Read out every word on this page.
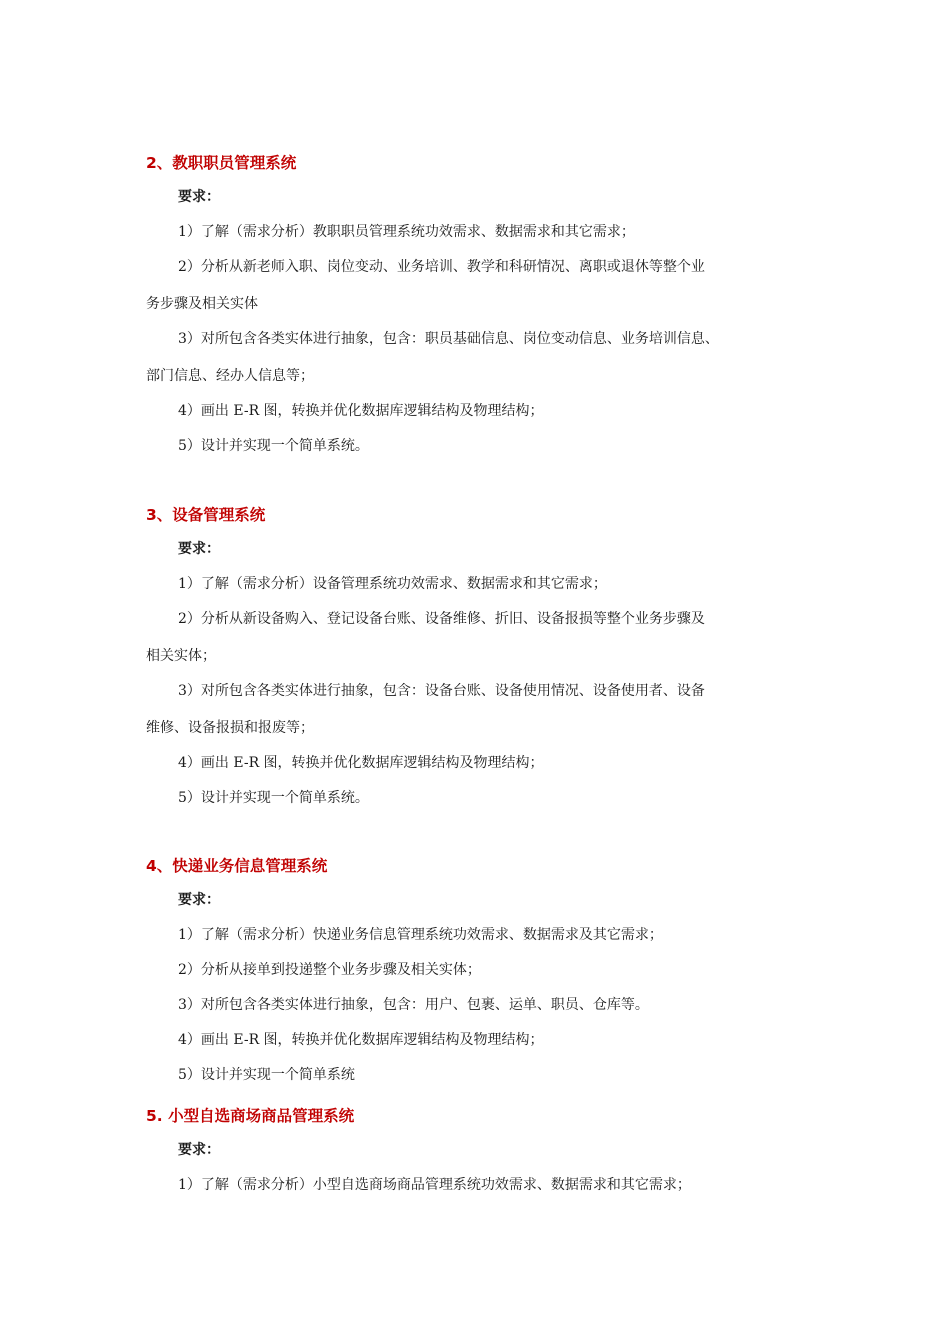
2、教职职员管理系统
要求：
1）了解（需求分析）教职职员管理系统功效需求、数据需求和其它需求；
2）分析从新老师入职、岗位变动、业务培训、教学和科研情况、离职或退休等整个业
务步骤及相关实体
3）对所包含各类实体进行抽象，包含：职员基础信息、岗位变动信息、业务培训信息、
部门信息、经办人信息等；
4）画出 E-R 图，转换并优化数据库逻辑结构及物理结构；
5）设计并实现一个简单系统。
3、设备管理系统
要求：
1）了解（需求分析）设备管理系统功效需求、数据需求和其它需求；
2）分析从新设备购入、登记设备台账、设备维修、折旧、设备报损等整个业务步骤及
相关实体；
3）对所包含各类实体进行抽象，包含：设备台账、设备使用情况、设备使用者、设备
维修、设备报损和报废等；
4）画出 E-R 图，转换并优化数据库逻辑结构及物理结构；
5）设计并实现一个简单系统。
4、快递业务信息管理系统
要求：
1）了解（需求分析）快递业务信息管理系统功效需求、数据需求及其它需求；
2）分析从接单到投递整个业务步骤及相关实体；
3）对所包含各类实体进行抽象，包含：用户、包裹、运单、职员、仓库等。
4）画出 E-R 图，转换并优化数据库逻辑结构及物理结构；
5）设计并实现一个简单系统
5. 小型自选商场商品管理系统
要求：
1）了解（需求分析）小型自选商场商品管理系统功效需求、数据需求和其它需求；
